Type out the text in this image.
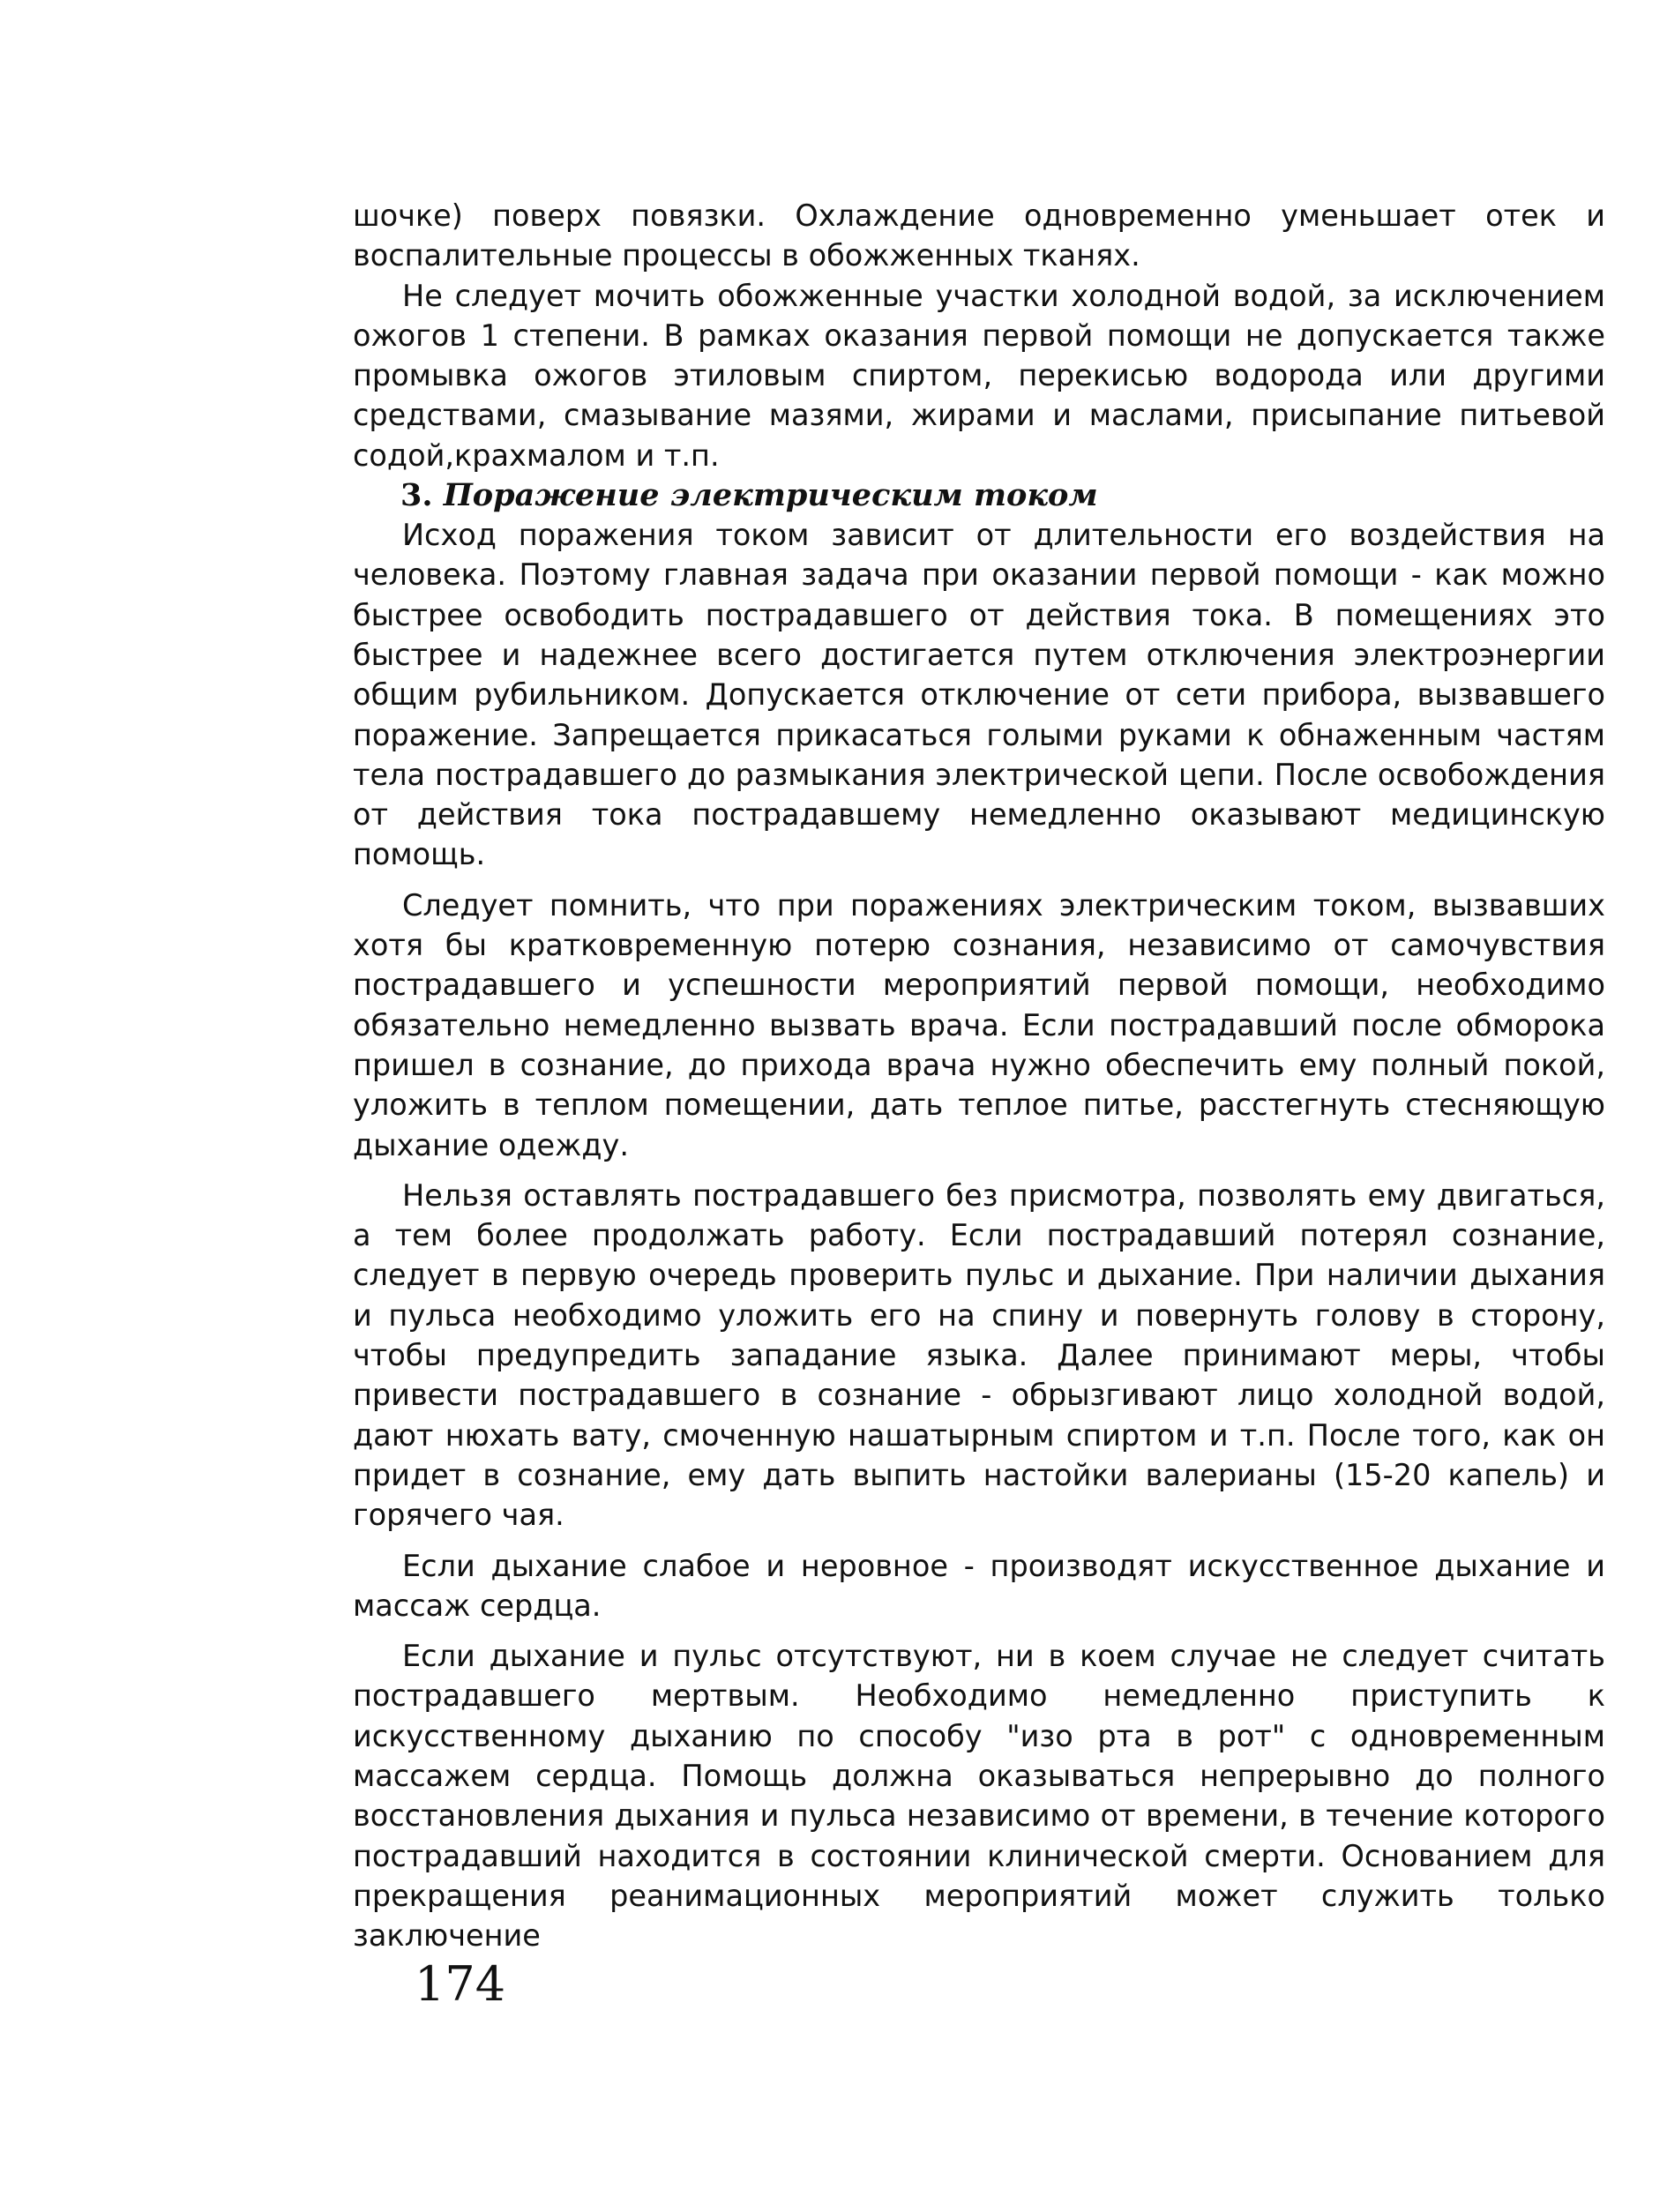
шочке) поверх повязки. Охлаждение одновременно уменьшает отек и воспалительные процессы в обожженных тканях.

Не следует мочить обожженные участки холодной водой, за исключением ожогов 1 степени. В рамках оказания первой помощи не допускается также промывка ожогов этиловым спиртом, перекисью водорода или другими средствами, смазывание мазями, жирами и маслами, присыпание питьевой содой,крахмалом и т.п.

3. Поражение электрическим током

Исход поражения током зависит от длительности его воздействия на человека. Поэтому главная задача при оказании первой помощи - как можно быстрее освободить пострадавшего от действия тока. В помещениях это быстрее и надежнее всего достигается путем отключения электроэнергии общим рубильником. Допускается отключение от сети прибора, вызвавшего поражение. Запрещается прикасаться голыми руками к обнаженным частям тела пострадавшего до размыкания электрической цепи. После освобождения от действия тока пострадавшему немедленно оказывают медицинскую помощь.

Следует помнить, что при поражениях электрическим током, вызвавших хотя бы кратковременную потерю сознания, независимо от самочувствия пострадавшего и успешности мероприятий первой помощи, необходимо обязательно немедленно вызвать врача. Если пострадавший после обморока пришел в сознание, до прихода врача нужно обеспечить ему полный покой, уложить в теплом помещении, дать теплое питье, расстегнуть стесняющую дыхание одежду.

Нельзя оставлять пострадавшего без присмотра, позволять ему двигаться, а тем более продолжать работу. Если пострадавший потерял сознание, следует в первую очередь проверить пульс и дыхание. При наличии дыхания и пульса необходимо уложить его на спину и повернуть голову в сторону, чтобы предупредить западание языка. Далее принимают меры, чтобы привести пострадавшего в сознание - обрызгивают лицо холодной водой, дают нюхать вату, смоченную нашатырным спиртом и т.п. После того, как он придет в сознание, ему дать выпить настойки валерианы (15-20 капель) и горячего чая.

Если дыхание слабое и неровное - производят искусственное дыхание и массаж сердца.

Если дыхание и пульс отсутствуют, ни в коем случае не следует считать пострадавшего мертвым. Необходимо немедленно приступить к искусственному дыханию по способу "изо рта в рот" с одновременным массажем сердца. Помощь должна оказываться непрерывно до полного восстановления дыхания и пульса независимо от времени, в течение которого пострадавший находится в состоянии клинической смерти. Основанием для прекращения реанимационных мероприятий может служить только заключение

174
